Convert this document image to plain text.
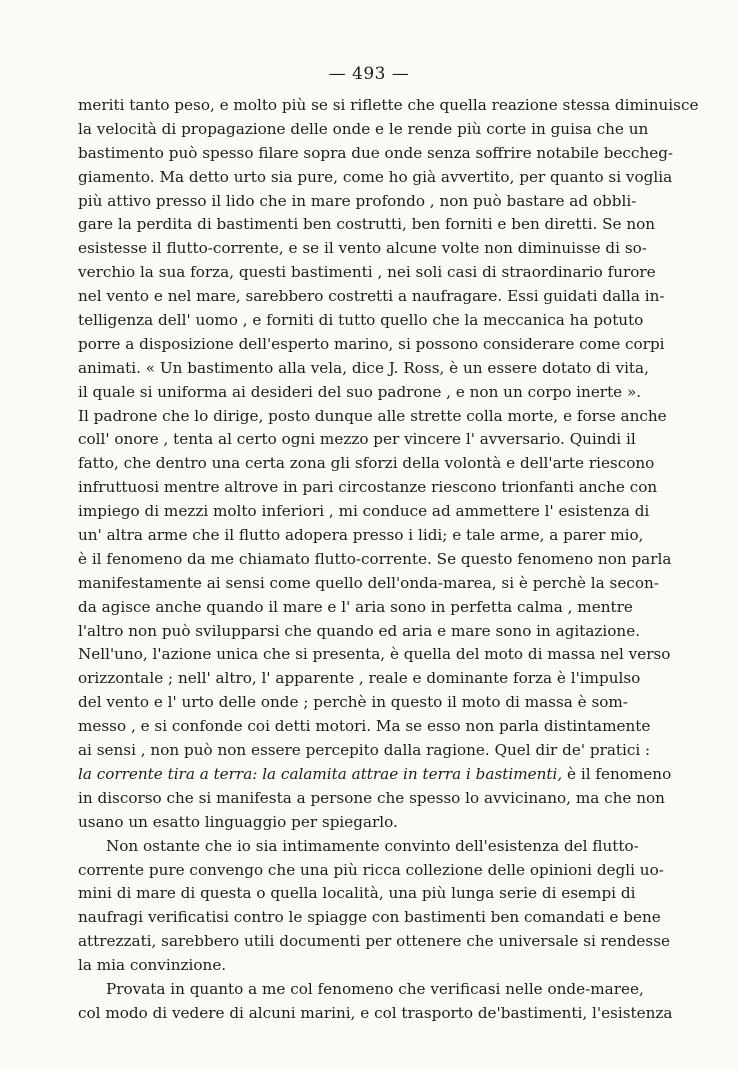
— 493 —
meriti tanto peso, e molto più se si riflette che quella reazione stessa diminuisce
la velocità di propagazione delle onde e le rende più corte in guisa che un
bastimento può spesso filare sopra due onde senza soffrire notabile beccheg-
giamento. Ma detto urto sia pure, come ho già avvertito, per quanto si voglia
più attivo presso il lido che in mare profondo , non può bastare ad obbli-
gare la perdita di bastimenti ben costrutti, ben forniti e ben diretti. Se non
esistesse il flutto-corrente, e se il vento alcune volte non diminuisse di so-
verchio la sua forza, questi bastimenti , nei soli casi di straordinario furore
nel vento e nel mare, sarebbero costretti a naufragare. Essi guidati dalla in-
telligenza dell' uomo , e forniti di tutto quello che la meccanica ha potuto
porre a disposizione dell'esperto marino, si possono considerare come corpi
animati. « Un bastimento alla vela, dice J. Ross, è un essere dotato di vita,
il quale si uniforma ai desideri del suo padrone , e non un corpo inerte ».
Il padrone che lo dirige, posto dunque alle strette colla morte, e forse anche
coll' onore , tenta al certo ogni mezzo per vincere l' avversario. Quindi il
fatto, che dentro una certa zona gli sforzi della volontà e dell'arte riescono
infruttuosi mentre altrove in pari circostanze riescono trionfanti anche con
impiego di mezzi molto inferiori , mi conduce ad ammettere l' esistenza di
un' altra arme che il flutto adopera presso i lidi; e tale arme, a parer mio,
è il fenomeno da me chiamato flutto-corrente. Se questo fenomeno non parla
manifestamente ai sensi come quello dell'onda-marea, si è perchè la secon-
da agisce anche quando il mare e l' aria sono in perfetta calma , mentre
l'altro non può svilupparsi che quando ed aria e mare sono in agitazione.
Nell'uno, l'azione unica che si presenta, è quella del moto di massa nel verso
orizzontale ; nell' altro, l' apparente , reale e dominante forza è l'impulso
del vento e l' urto delle onde ; perchè in questo il moto di massa è som-
messo , e si confonde coi detti motori. Ma se esso non parla distintamente
ai sensi , non può non essere percepito dalla ragione. Quel dir de' pratici :
la corrente tira a terra: la calamita attrae in terra i bastimenti, è il fenomeno
in discorso che si manifesta a persone che spesso lo avvicinano, ma che non
usano un esatto linguaggio per spiegarlo.
Non ostante che io sia intimamente convinto dell'esistenza del flutto-
corrente pure convengo che una più ricca collezione delle opinioni degli uo-
mini di mare di questa o quella località, una più lunga serie di esempi di
naufragi verificatisi contro le spiagge con bastimenti ben comandati e bene
attrezzati, sarebbero utili documenti per ottenere che universale si rendesse
la mia convinzione.
Provata in quanto a me col fenomeno che verificasi nelle onde-maree,
col modo di vedere di alcuni marini, e col trasporto de'bastimenti, l'esistenza
